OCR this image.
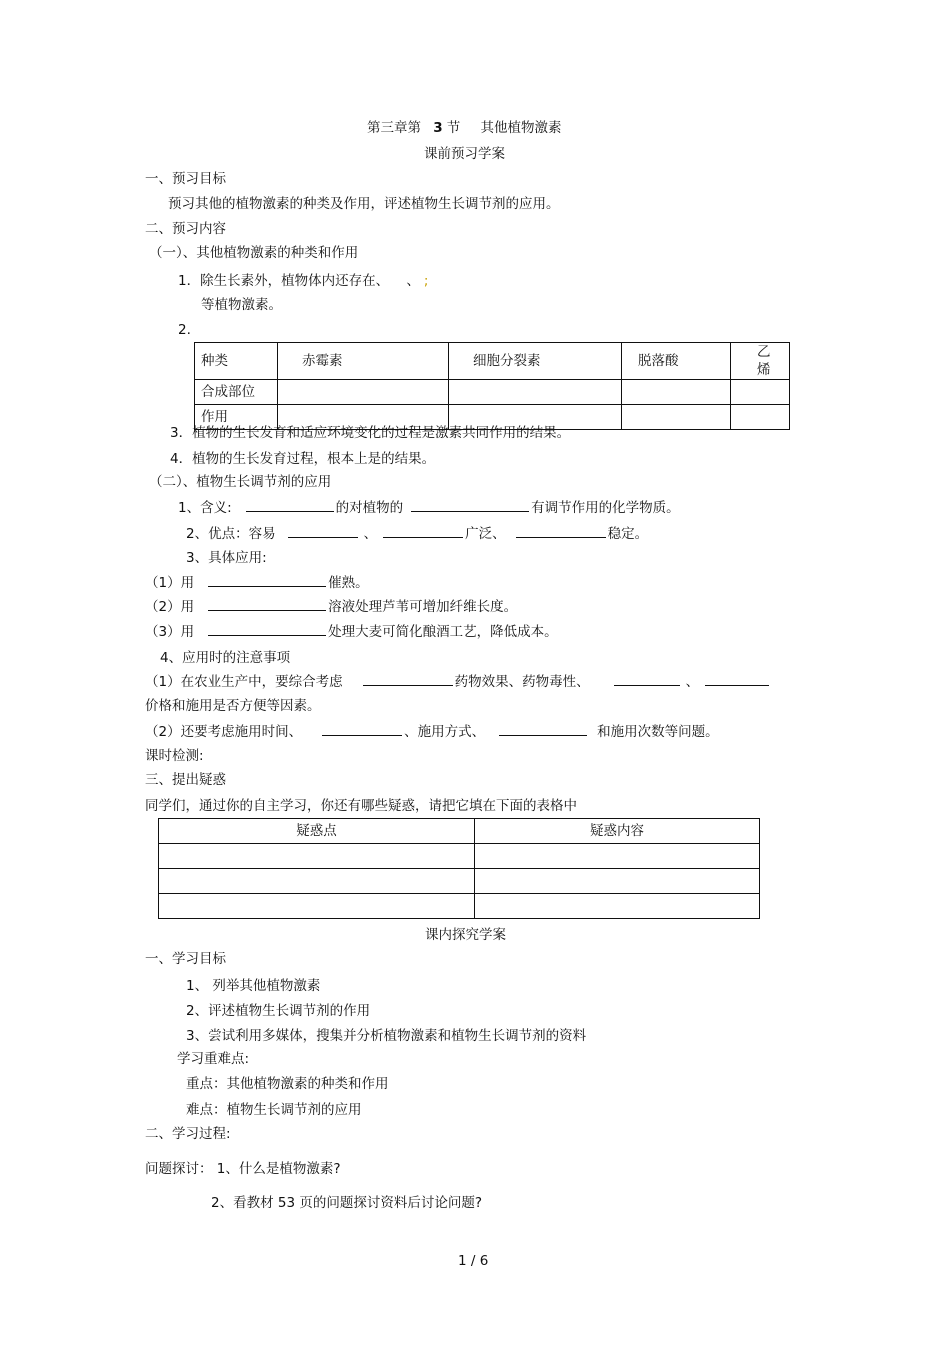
第三章第 3 节 其他植物激素
课前预习学案
一、预习目标
预习其他的植物激素的种类及作用，评述植物生长调节剂的应用。
二、预习内容
（一）、其他植物激素的种类和作用
1．除生长素外，植物体内还存在、 、 ;
等植物激素。
2.
种类	赤霉素	细胞分裂素	脱落酸	乙烯
合成部位				
作用				
3．植物的生长发育和适应环境变化的过程是激素共同作用的结果。
4．植物的生长发育过程，根本上是的结果。
（二）、植物生长调节剂的应用
1、含义:	的对植物的	有调节作用的化学物质。
2、优点：容易	、	广泛、	稳定。
3、具体应用:
（1）用	催熟。
（2）用	溶液处理芦苇可增加纤维长度。
（3）用	处理大麦可简化酿酒工艺，降低成本。
4、应用时的注意事项
（1）在农业生产中，要综合考虑	药物效果、药物毒性、	、
价格和施用是否方便等因素。
（2）还要考虑施用时间、	、施用方式、	和施用次数等问题。
课时检测:
三、提出疑惑
同学们，通过你的自主学习，你还有哪些疑惑，请把它填在下面的表格中
疑惑点	疑惑内容

课内探究学案
一、学习目标
1、 列举其他植物激素
2、评述植物生长调节剂的作用
3、尝试利用多媒体，搜集并分析植物激素和植物生长调节剂的资料
学习重难点:
重点：其他植物激素的种类和作用
难点：植物生长调节剂的应用
二、学习过程:
问题探讨： 1、什么是植物激素?
2、看教材 53 页的问题探讨资料后讨论问题?
1 / 6
